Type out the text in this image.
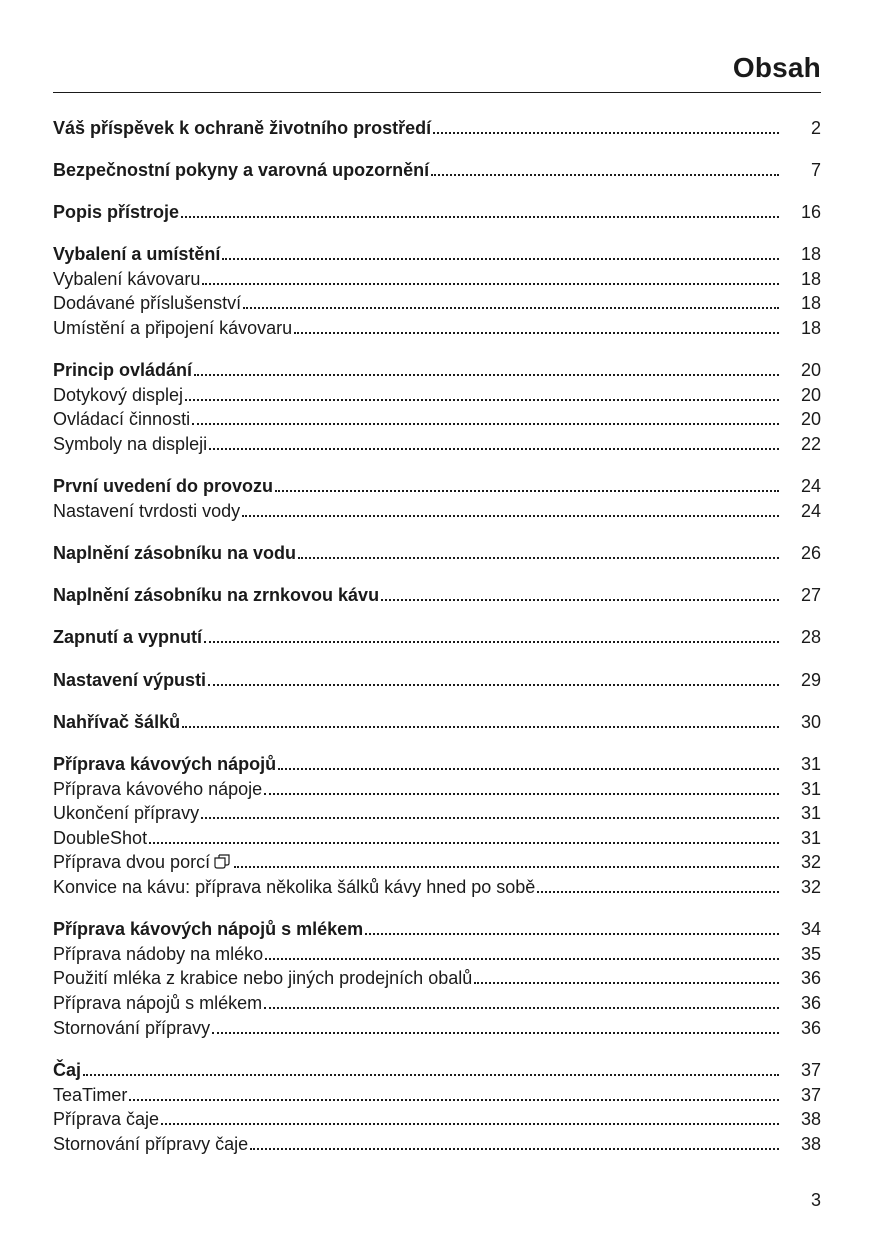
Obsah
Váš příspěvek k ochraně životního prostředí	2
Bezpečnostní pokyny a varovná upozornění	7
Popis přístroje	16
Vybalení a umístění	18
Vybalení kávovaru	18
Dodávané příslušenství	18
Umístění a připojení kávovaru	18
Princip ovládání	20
Dotykový displej	20
Ovládací činnosti	20
Symboly na displeji	22
První uvedení do provozu	24
Nastavení tvrdosti vody	24
Naplnění zásobníku na vodu	26
Naplnění zásobníku na zrnkovou kávu	27
Zapnutí a vypnutí	28
Nastavení výpusti	29
Nahřívač šálků	30
Příprava kávových nápojů	31
Příprava kávového nápoje	31
Ukončení přípravy	31
DoubleShot	31
Příprava dvou porcí	32
Konvice na kávu: příprava několika šálků kávy hned po sobě	32
Příprava kávových nápojů s mlékem	34
Příprava nádoby na mléko	35
Použití mléka z krabice nebo jiných prodejních obalů	36
Příprava nápojů s mlékem	36
Stornování přípravy	36
Čaj	37
TeaTimer	37
Příprava čaje	38
Stornování přípravy čaje	38
3
